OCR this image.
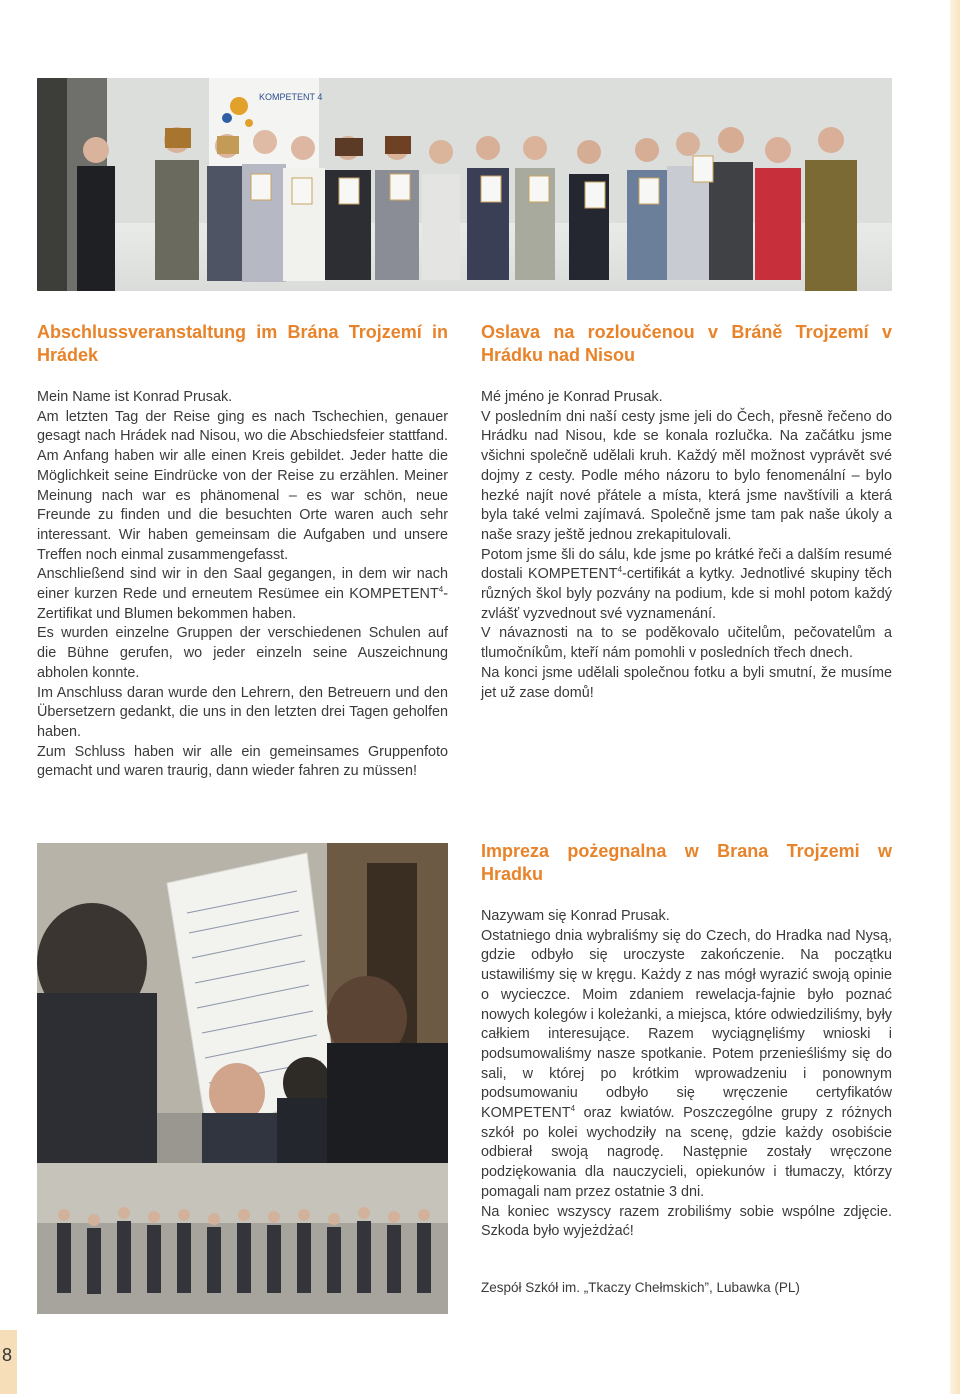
KOMPETENT 4
Abschlussveranstaltung im Brána Trojzemí in Hrádek

Mein Name ist Konrad Prusak.

Am letzten Tag der Reise ging es nach Tschechien, genauer gesagt nach Hrádek nad Nisou, wo die Abschiedsfeier stattfand. Am Anfang haben wir alle einen Kreis gebildet. Jeder hatte die Möglichkeit seine Eindrücke von der Reise zu erzählen. Meiner Meinung nach war es phänomenal – es war schön, neue Freunde zu finden und die besuchten Orte waren auch sehr interessant. Wir haben gemeinsam die Aufgaben und unsere Treffen noch einmal zusammengefasst.

Anschließend sind wir in den Saal gegangen, in dem wir nach einer kurzen Rede und erneutem Resümee ein KOMPETENT$^4$-Zertifikat und Blumen bekommen haben.

Es wurden einzelne Gruppen der verschiedenen Schulen auf die Bühne gerufen, wo jeder einzeln seine Auszeichnung abholen konnte.

Im Anschluss daran wurde den Lehrern, den Betreuern und den Übersetzern gedankt, die uns in den letzten drei Tagen geholfen haben.

Zum Schluss haben wir alle ein gemeinsames Gruppenfoto gemacht und waren traurig, dann wieder fahren zu müssen!

Oslava na rozloučenou v Bráně Trojzemí v Hrádku nad Nisou

Mé jméno je Konrad Prusak.

V posledním dni naší cesty jsme jeli do Čech, přesně řečeno do Hrádku nad Nisou, kde se konala rozlučka. Na začátku jsme všichni společně udělali kruh. Každý měl možnost vyprávět své dojmy z cesty. Podle mého názoru to bylo fenomenální – bylo hezké najít nové přátele a místa, která jsme navštívili a která byla také velmi zajímavá. Společně jsme tam pak naše úkoly a naše srazy ještě jednou zrekapitulovali.

Potom jsme šli do sálu, kde jsme po krátké řeči a dalším resumé dostali KOMPETENT$^4$-certifikát a kytky. Jednotlivé skupiny těch různých škol byly pozvány na podium, kde si mohl potom každý zvlášť vyzvednout své vyznamenání.

V návaznosti na to se poděkovalo učitelům, pečovatelům a tlumočníkům, kteří nám pomohli v posledních třech dnech.

Na konci jsme udělali společnou fotku a byli smutní, že musíme jet už zase domů!

Impreza pożegnalna w Brana Trojzemi w Hradku

Nazywam się Konrad Prusak.

Ostatniego dnia wybraliśmy się do Czech, do Hradka nad Nysą, gdzie odbyło się uroczyste zakończenie. Na początku ustawiliśmy się w kręgu. Każdy z nas mógł wyrazić swoją opinie o wycieczce. Moim zdaniem rewelacja-fajnie było poznać nowych kolegów i koleżanki, a miejsca, które odwiedziliśmy, były całkiem interesujące. Razem wyciągnęliśmy wnioski i podsumowaliśmy nasze spotkanie. Potem przenieśliśmy się do sali, w której po krótkim wprowadzeniu i ponownym podsumowaniu odbyło się wręczenie certyfikatów KOMPETENT$^4$ oraz kwiatów. Poszczególne grupy z różnych szkół po kolei wychodziły na scenę, gdzie każdy osobiście odbierał swoją nagrodę. Następnie zostały wręczone podziękowania dla nauczycieli, opiekunów i tłumaczy, którzy pomagali nam przez ostatnie 3 dni.

Na koniec wszyscy razem zrobiliśmy sobie wspólne zdjęcie. Szkoda było wyjeżdżać!

Zespół Szkół im. „Tkaczy Chełmskich”, Lubawka (PL)

8
